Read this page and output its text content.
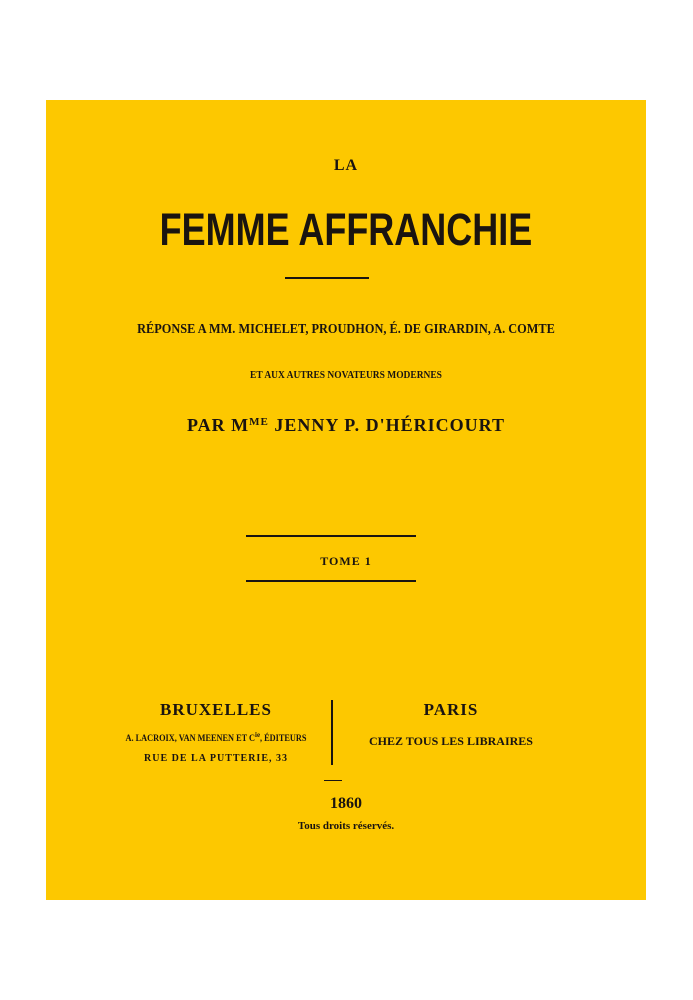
LA
FEMME AFFRANCHIE
RÉPONSE A MM. MICHELET, PROUDHON, É. DE GIRARDIN, A. COMTE
ET AUX AUTRES NOVATEURS MODERNES
PAR $M^{ME}$ JENNY P. D'HÉRICOURT
TOME 1
BRUXELLES
A. LACROIX, VAN MEENEN ET $C^{ie}$, ÉDITEURS
RUE DE LA PUTTERIE, 33
PARIS
CHEZ TOUS LES LIBRAIRES
1860
Tous droits réservés.
